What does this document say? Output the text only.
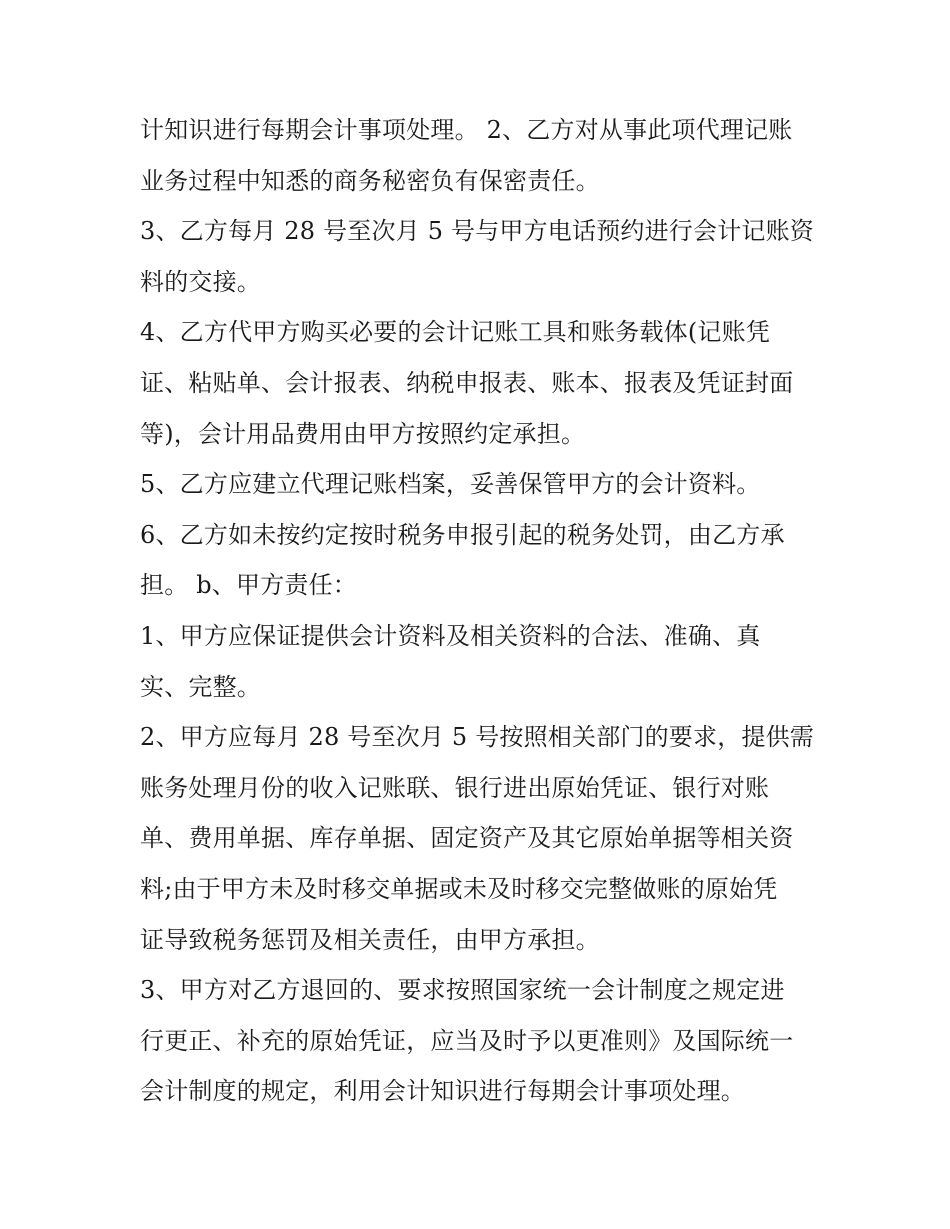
计知识进行每期会计事项处理。 2、乙方对从事此项代理记账
业务过程中知悉的商务秘密负有保密责任。
3、乙方每月 28 号至次月 5 号与甲方电话预约进行会计记账资
料的交接。
4、乙方代甲方购买必要的会计记账工具和账务载体(记账凭
证、粘贴单、会计报表、纳税申报表、账本、报表及凭证封面
等)，会计用品费用由甲方按照约定承担。
5、乙方应建立代理记账档案，妥善保管甲方的会计资料。
6、乙方如未按约定按时税务申报引起的税务处罚，由乙方承
担。 b、甲方责任：
1、甲方应保证提供会计资料及相关资料的合法、准确、真
实、完整。
2、甲方应每月 28 号至次月 5 号按照相关部门的要求，提供需
账务处理月份的收入记账联、银行进出原始凭证、银行对账
单、费用单据、库存单据、固定资产及其它原始单据等相关资
料;由于甲方未及时移交单据或未及时移交完整做账的原始凭
证导致税务惩罚及相关责任，由甲方承担。
3、甲方对乙方退回的、要求按照国家统一会计制度之规定进
行更正、补充的原始凭证，应当及时予以更准则》及国际统一
会计制度的规定，利用会计知识进行每期会计事项处理。
